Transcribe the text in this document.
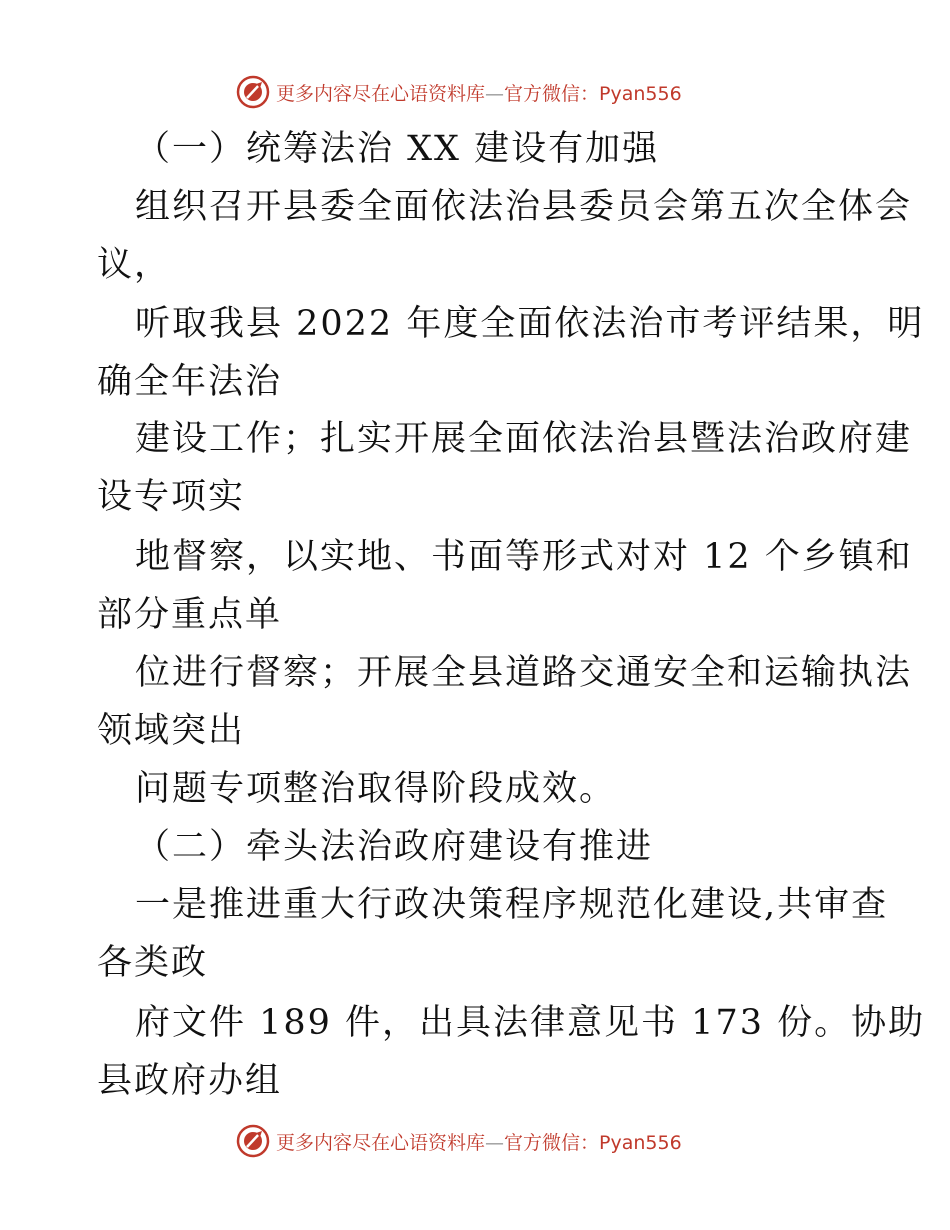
更多内容尽在心语资料库—官方微信：Pyan556
（一）统筹法治 XX 建设有加强
组织召开县委全面依法治县委员会第五次全体会
议，
听取我县 2022 年度全面依法治市考评结果，明
确全年法治
建设工作；扎实开展全面依法治县暨法治政府建
设专项实
地督察，以实地、书面等形式对对 12 个乡镇和
部分重点单
位进行督察；开展全县道路交通安全和运输执法
领域突出
问题专项整治取得阶段成效。
（二）牵头法治政府建设有推进
一是推进重大行政决策程序规范化建设,共审查
各类政
府文件 189 件，出具法律意见书 173 份。协助
县政府办组
更多内容尽在心语资料库—官方微信：Pyan556
